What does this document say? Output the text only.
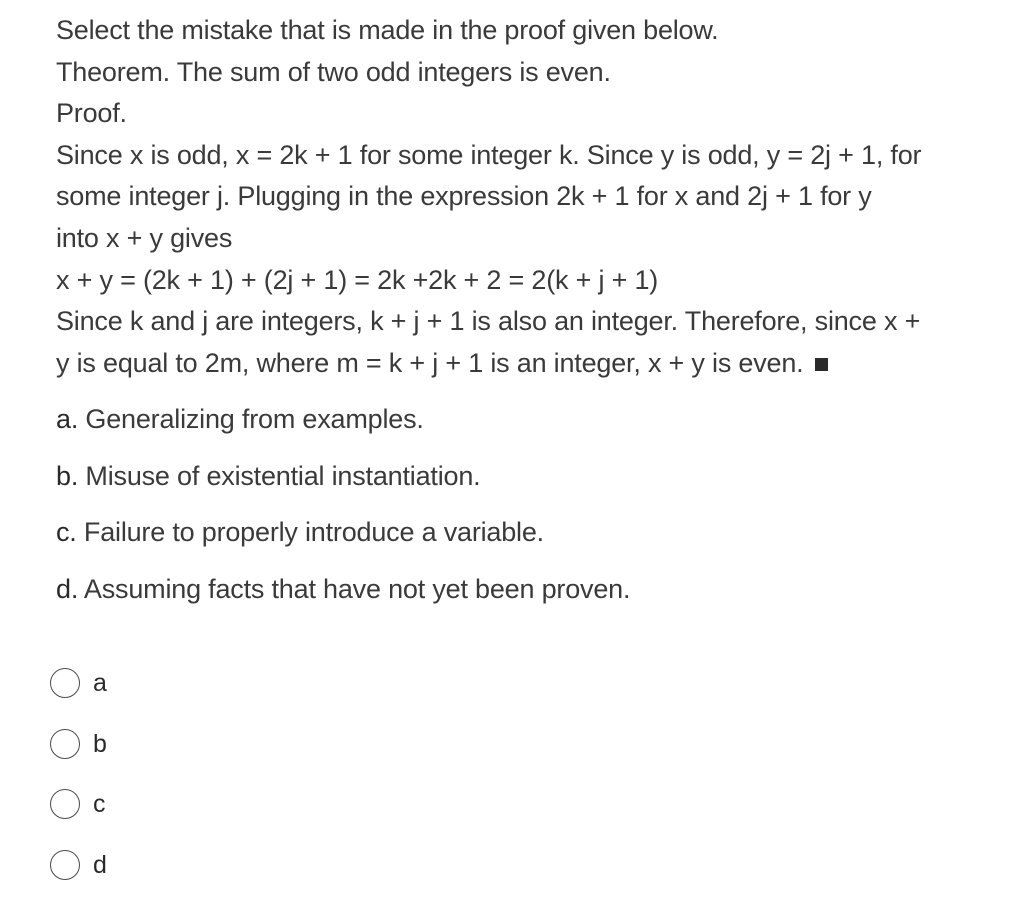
Select the mistake that is made in the proof given below.
Theorem. The sum of two odd integers is even.
Proof.
Since x is odd, x = 2k + 1 for some integer k. Since y is odd, y = 2j + 1, for
some integer j. Plugging in the expression 2k + 1 for x and 2j + 1 for y
into x + y gives
x + y = (2k + 1) + (2j + 1) = 2k +2k + 2 = 2(k + j + 1)
Since k and j are integers, k + j + 1 is also an integer. Therefore, since x +
y is equal to 2m, where m = k + j + 1 is an integer, x + y is even.
a. Generalizing from examples.
b. Misuse of existential instantiation.
c. Failure to properly introduce a variable.
d. Assuming facts that have not yet been proven.
a
b
c
d
